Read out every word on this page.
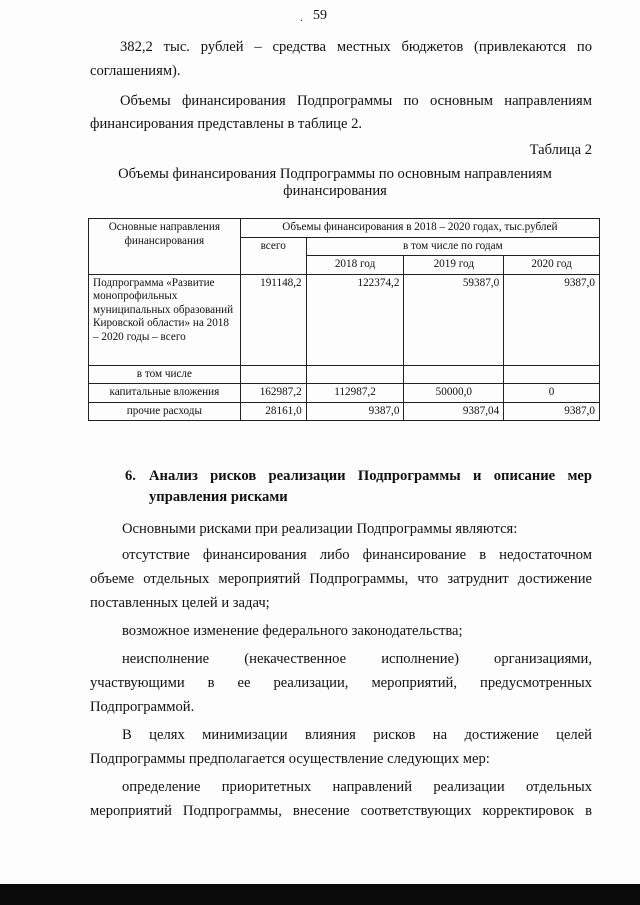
. 59

382,2 тыс. рублей – средства местных бюджетов (привлекаются по

соглашениям).

Объемы финансирования Подпрограммы по основным направлениям

финансирования представлены в таблице 2.

Таблица 2
Объемы финансирования Подпрограммы по основным направлениям
финансирования
Основные направления финансирования	Объемы финансирования в 2018 – 2020 годах, тыс.рублей			
	всего	в том числе по годам		
		2018 год	2019 год	2020 год
Подпрограмма «Развитие монопрофильных муниципальных образований Кировской области» на 2018 – 2020 годы – всего	191148,2	122374,2	59387,0	9387,0
в том числе				
капитальные вложения	162987,2	112987,2	50000,0	0
прочие расходы	28161,0	9387,0	9387,04	9387,0
6. Анализ рисков реализации Подпрограммы и описание мер
управления рисками

Основными рисками при реализации Подпрограммы являются:

отсутствие финансирования либо финансирование в недостаточном

объеме отдельных мероприятий Подпрограммы, что затруднит достижение

поставленных целей и задач;

возможное изменение федерального законодательства;

неисполнение (некачественное исполнение) организациями,

участвующими в ее реализации, мероприятий, предусмотренных

Подпрограммой.

В целях минимизации влияния рисков на достижение целей

Подпрограммы предполагается осуществление следующих мер:

определение приоритетных направлений реализации отдельных

мероприятий Подпрограммы, внесение соответствующих корректировок в
